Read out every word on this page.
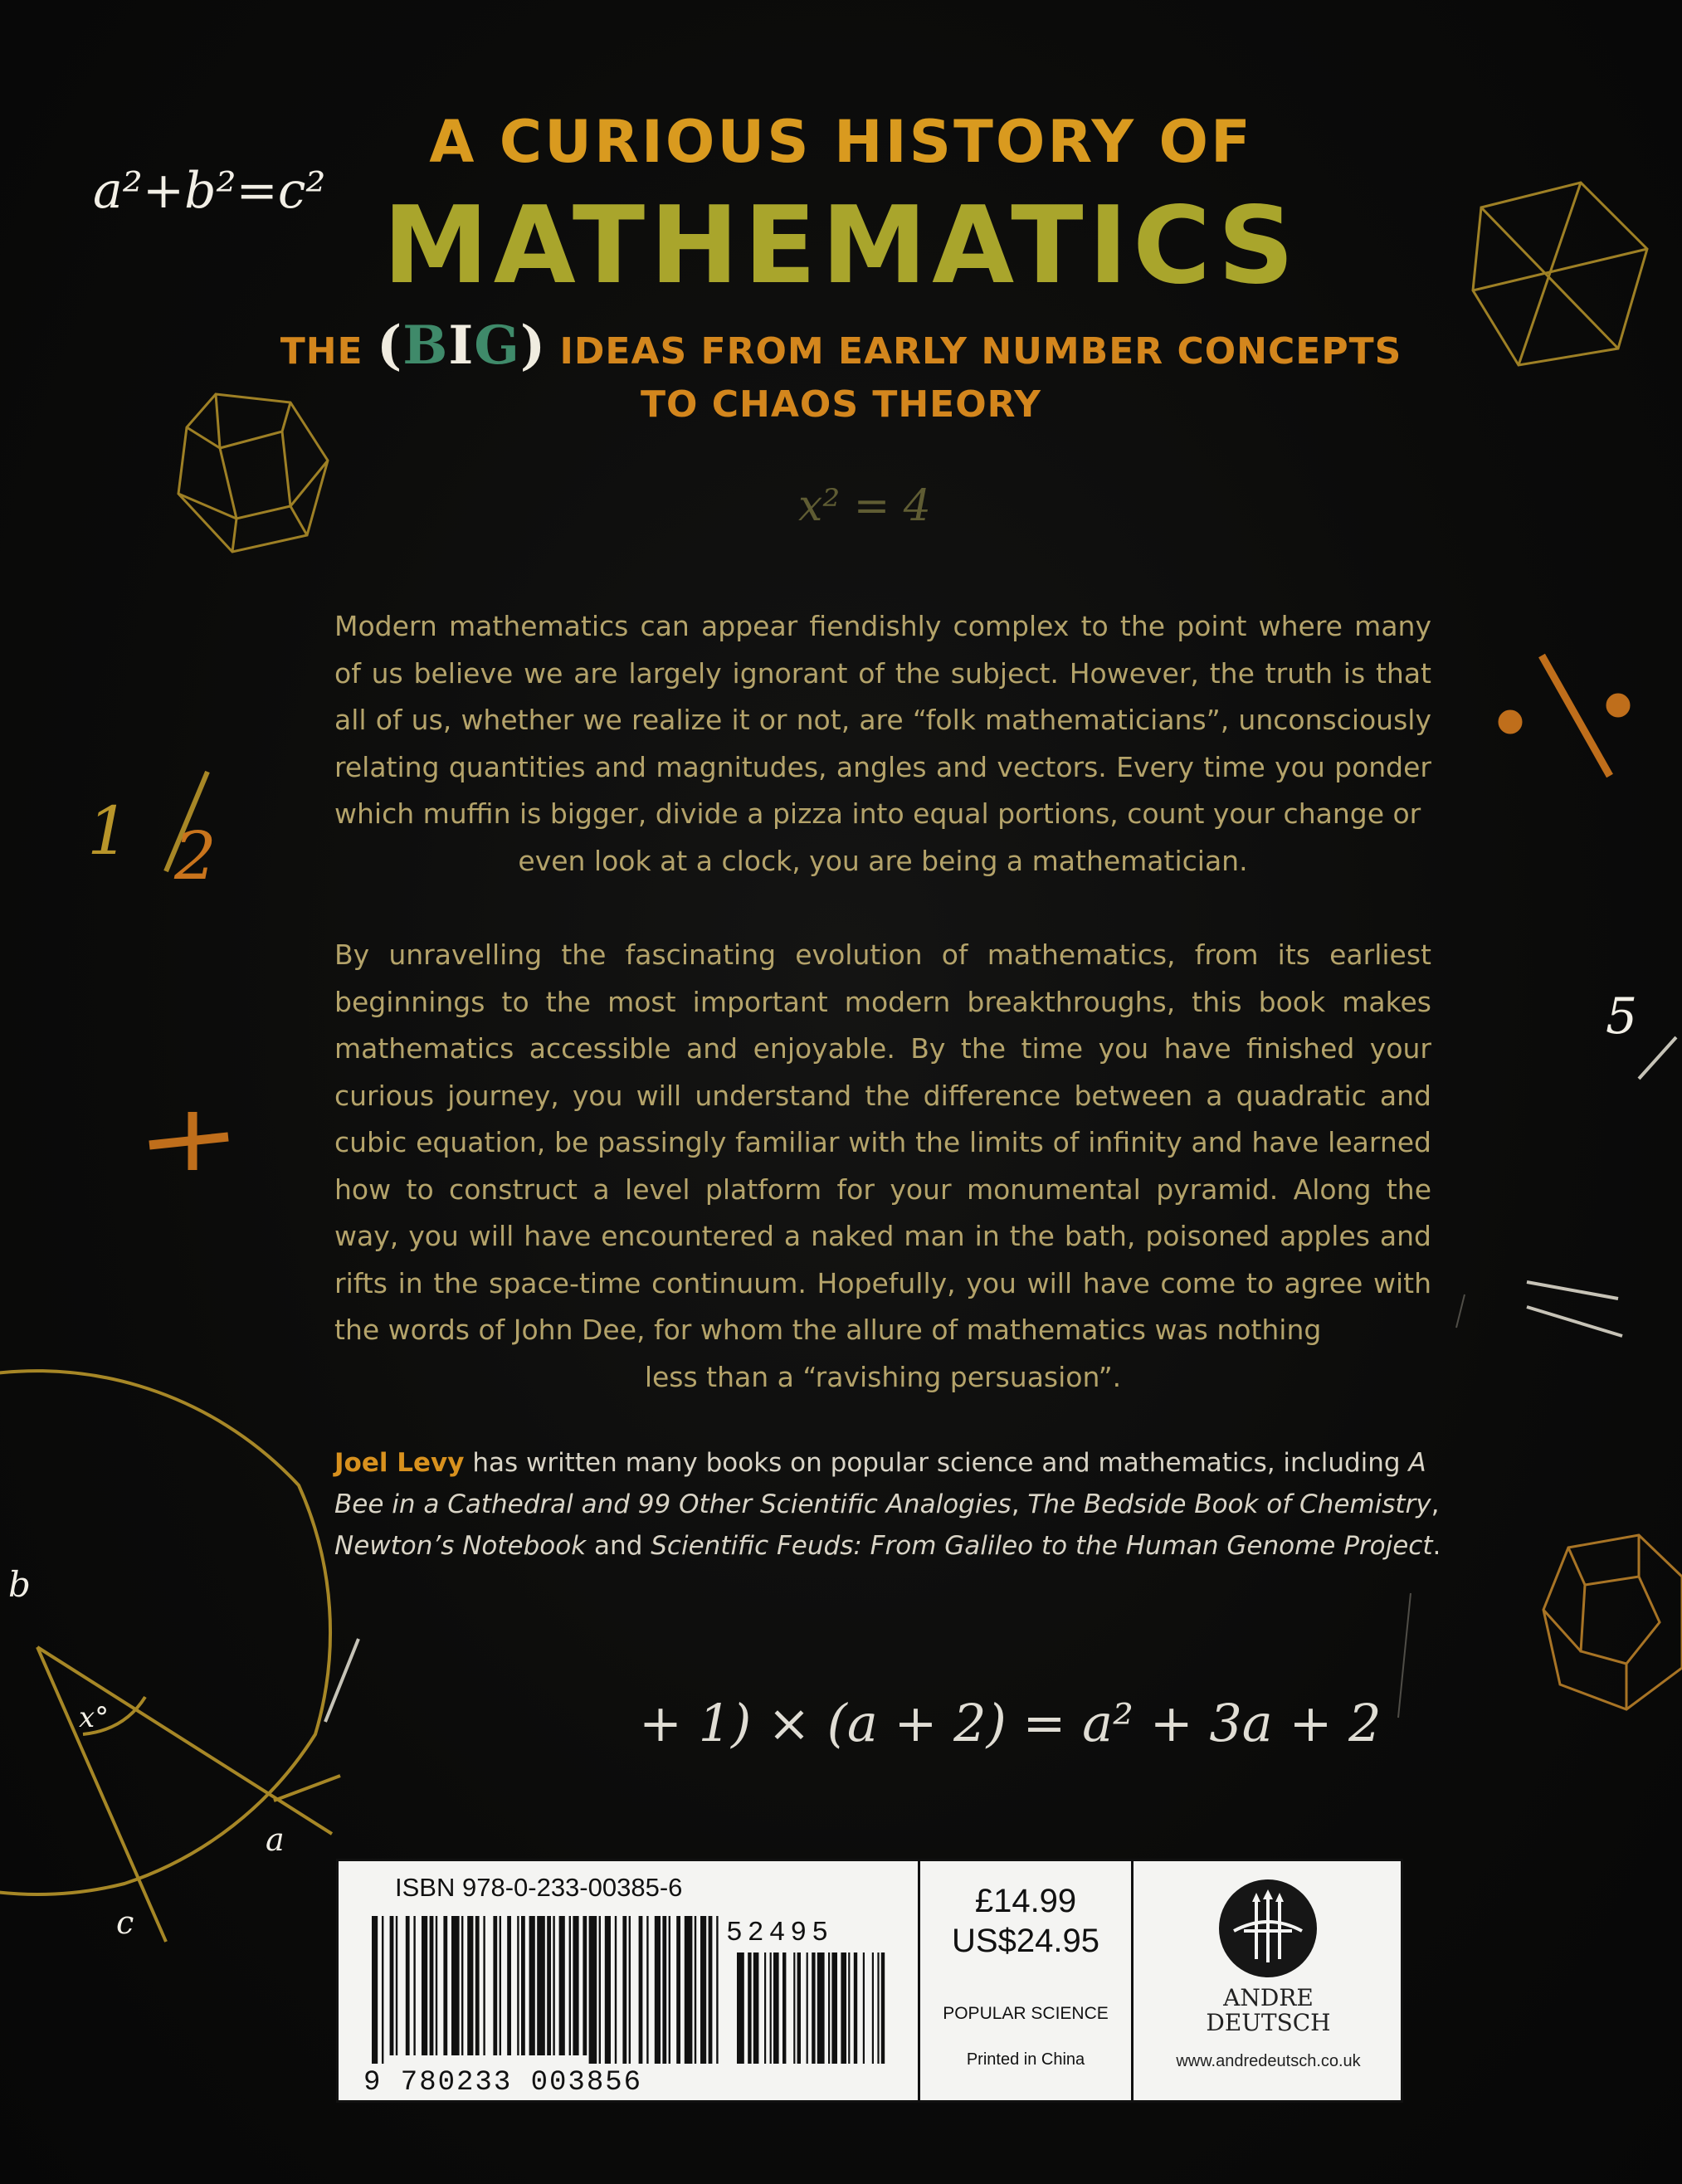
a²+b²=c²
x² = 4
1 2
5
b
x°
a
c
+ 1) × (a + 2) = a² + 3a + 2
A CURIOUS HISTORY OF
MATHEMATICS
THE (BIG) IDEAS FROM EARLY NUMBER CONCEPTS
TO CHAOS THEORY
Modern mathematics can appear fiendishly complex to the point where many of us believe we are largely ignorant of the subject. However, the truth is that all of us, whether we realize it or not, are “folk mathematicians”, unconsciously relating quantities and magnitudes, angles and vectors. Every time you ponder which muffin is bigger, divide a pizza into equal portions, count your change or
even look at a clock, you are being a mathematician.
By unravelling the fascinating evolution of mathematics, from its earliest beginnings to the most important modern breakthroughs, this book makes mathematics accessible and enjoyable. By the time you have finished your curious journey, you will understand the difference between a quadratic and cubic equation, be passingly familiar with the limits of infinity and have learned how to construct a level platform for your monumental pyramid. Along the way, you will have encountered a naked man in the bath, poisoned apples and rifts in the space-time continuum. Hopefully, you will have come to agree with the words of John Dee, for whom the allure of mathematics was nothing
less than a “ravishing persuasion”.
Joel Levy has written many books on popular science and mathematics, including A Bee in a Cathedral and 99 Other Scientific Analogies, The Bedside Book of Chemistry, Newton’s Notebook and Scientific Feuds: From Galileo to the Human Genome Project.
ISBN 978-0-233-00385-6
9 780233 003856
52495
£14.99
US$24.95
POPULAR SCIENCE
Printed in China
ANDRE
DEUTSCH
www.andredeutsch.co.uk
